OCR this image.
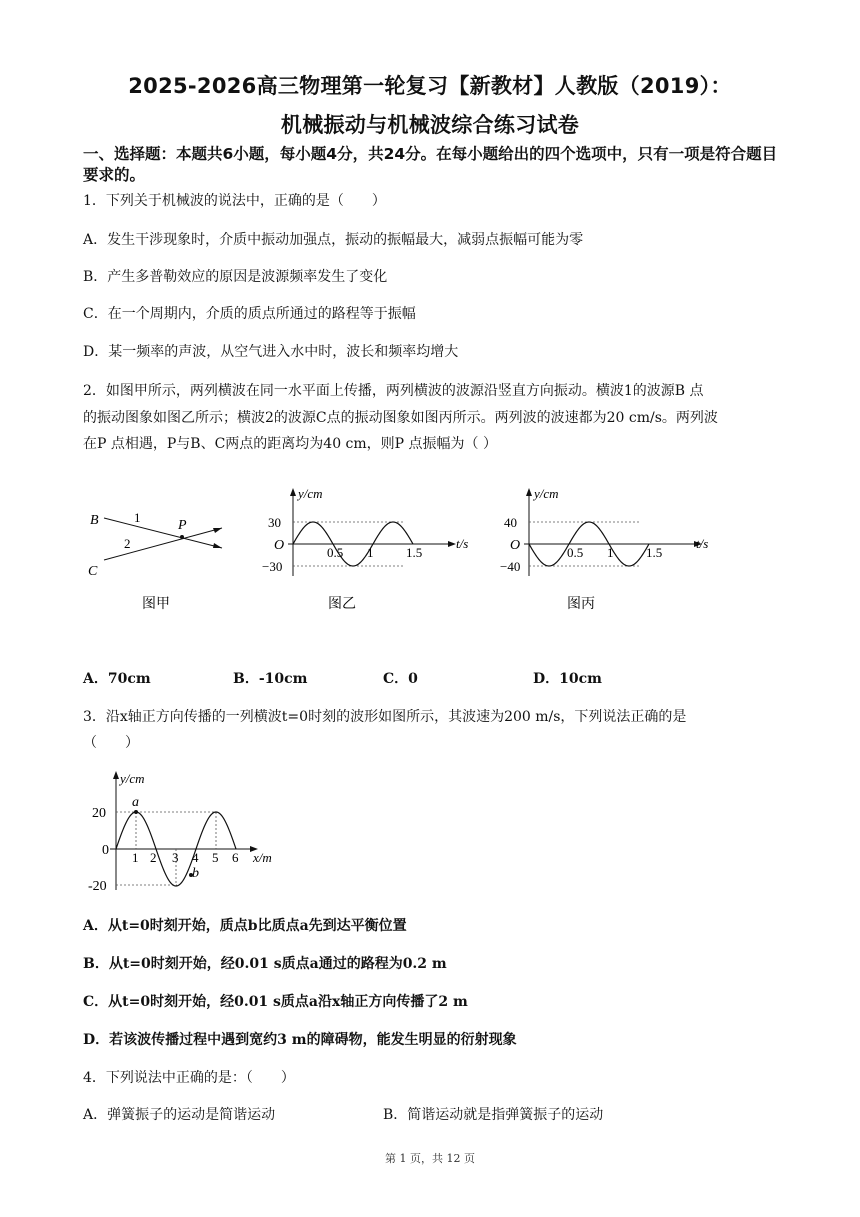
2025-2026高三物理第一轮复习【新教材】人教版（2019）：
机械振动与机械波综合练习试卷
一、选择题：本题共6小题，每小题4分，共24分。在每小题给出的四个选项中，只有一项是符合题目要求的。
1．下列关于机械波的说法中，正确的是（　　）
A．发生干涉现象时，介质中振动加强点，振动的振幅最大，减弱点振幅可能为零
B．产生多普勒效应的原因是波源频率发生了变化
C．在一个周期内，介质的质点所通过的路程等于振幅
D．某一频率的声波，从空气进入水中时，波长和频率均增大
2．如图甲所示，两列横波在同一水平面上传播，两列横波的波源沿竖直方向振动。横波1的波源B 点
的振动图象如图乙所示；横波2的波源C点的振动图象如图丙所示。两列波的波速都为20 cm/s。两列波
在P 点相遇，P与B、C两点的距离均为40 cm，则P 点振幅为（ ）
B
C
P
1
2
图甲
y/cm
t/s
O
30
−30
0.5 1	1.5
图乙
y/cm
t/s
O
40
−40
0.5 1	1.5
图丙
A．70cm	B．-10cm	C．0	D．10cm
3．沿x轴正方向传播的一列横波t=0时刻的波形如图所示，其波速为200 m/s，下列说法正确的是
（　　）
y/cm
x/m
0
20
-20
1 2 3 4 5 6
a
b
A．从t=0时刻开始，质点b比质点a先到达平衡位置
B．从t=0时刻开始，经0.01 s质点a通过的路程为0.2 m
C．从t=0时刻开始，经0.01 s质点a沿x轴正方向传播了2 m
D．若该波传播过程中遇到宽约3 m的障碍物，能发生明显的衍射现象
4．下列说法中正确的是：（　　）
A．弹簧振子的运动是简谐运动	B．简谐运动就是指弹簧振子的运动
第 1 页，共 12 页
